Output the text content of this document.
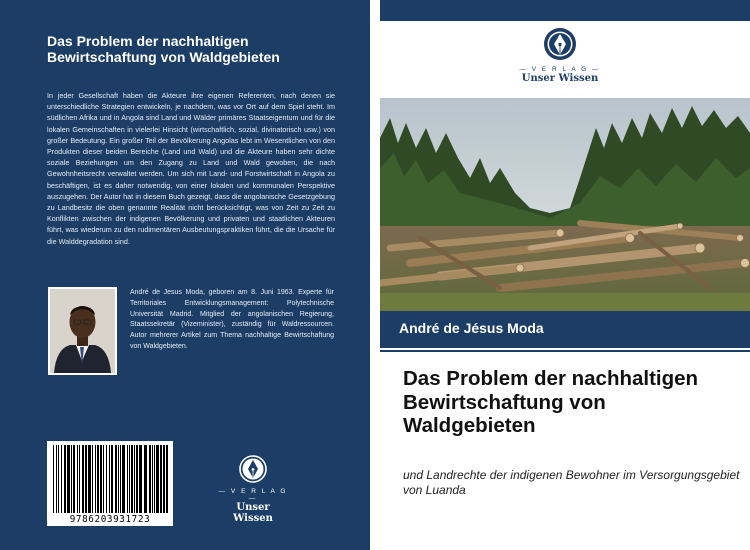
Das Problem der nachhaltigen Bewirtschaftung von Waldgebieten
In jeder Gesellschaft haben die Akteure ihre eigenen Referenten, nach denen sie unterschiedliche Strategien entwickeln, je nachdem, was vor Ort auf dem Spiel steht. Im südlichen Afrika und in Angola sind Land und Wälder primäres Staatseigentum und für die lokalen Gemeinschaften in vielerlei Hinsicht (wirtschaftlich, sozial, divinatorisch usw.) von großer Bedeutung. Ein großer Teil der Bevölkerung Angolas lebt im Wesentlichen von den Produkten dieser beiden Bereiche (Land und Wald) und die Akteure haben sehr dichte soziale Beziehungen um den Zugang zu Land und Wald gewoben, die nach Gewohnheitsrecht verwaltet werden. Um sich mit Land- und Forstwirtschaft in Angola zu beschäftigen, ist es daher notwendig, von einer lokalen und kommunalen Perspektive auszugehen. Der Autor hat in diesem Buch gezeigt, dass die angolanische Gesetzgebung zu Landbesitz die oben genannte Realität nicht berücksichtigt, was von Zeit zu Zeit zu Konflikten zwischen der indigenen Bevölkerung und privaten und staatlichen Akteuren führt, was wiederum zu den rudimentären Ausbeutungspraktiken führt, die die Ursache für die Walddegradation sind.
André de Jesus Moda, geboren am 8. Juni 1963. Experte für Territoriales Entwicklungsmanagement: Polytechnische Universität Madrid. Mitglied der angolanischen Regierung, Staatssekretär (Vizeminister), zuständig für Waldressourcen. Autor mehrerer Artikel zum Thema nachhaltige Bewirtschaftung von Waldgebieten.
9786203931723
— V E R L A G —
Unser Wissen
— V E R L A G —
Unser Wissen
André de Jésus Moda
Das Problem der nachhaltigen Bewirtschaftung von Waldgebieten
und Landrechte der indigenen Bewohner im Versorgungsgebiet von Luanda
